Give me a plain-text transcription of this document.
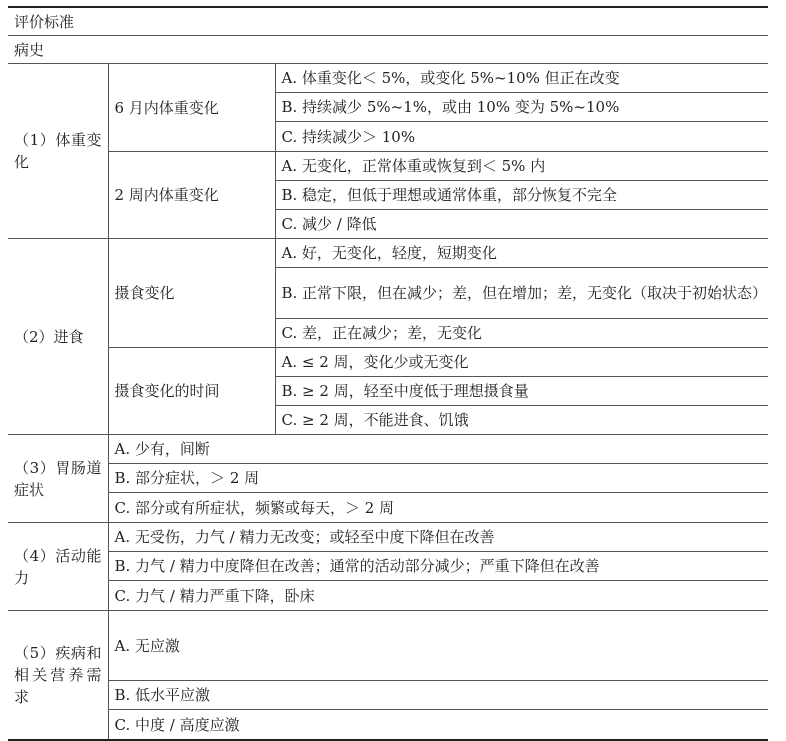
评价标准		
病史		
（1）体重变化	6 月内体重变化	A. 体重变化＜ 5%，或变化 5%~10% 但正在改变
		B. 持续减少 5%~1%，或由 10% 变为 5%~10%
		C. 持续减少＞ 10%
	2 周内体重变化	A. 无变化，正常体重或恢复到＜ 5% 内
		B. 稳定，但低于理想或通常体重，部分恢复不完全
		C. 减少 / 降低
（2）进食	摄食变化	A. 好，无变化，轻度，短期变化
		B. 正常下限，但在减少；差，但在增加；差，无变化（取决于初始状态）
		C. 差，正在减少；差，无变化
	摄食变化的时间	A. ≤ 2 周，变化少或无变化
		B. ≥ 2 周，轻至中度低于理想摄食量
		C. ≥ 2 周，不能进食、饥饿
（3）胃肠道症状	A. 少有，间断	
	B. 部分症状，＞ 2 周	
	C. 部分或有所症状，频繁或每天，＞ 2 周	
（4）活动能力	A. 无受伤，力气 / 精力无改变；或轻至中度下降但在改善	
	B. 力气 / 精力中度降但在改善；通常的活动部分减少；严重下降但在改善	
	C. 力气 / 精力严重下降，卧床	
（5）疾病和相关营养需求	A. 无应激	
	B. 低水平应激	
	C. 中度 / 高度应激	
